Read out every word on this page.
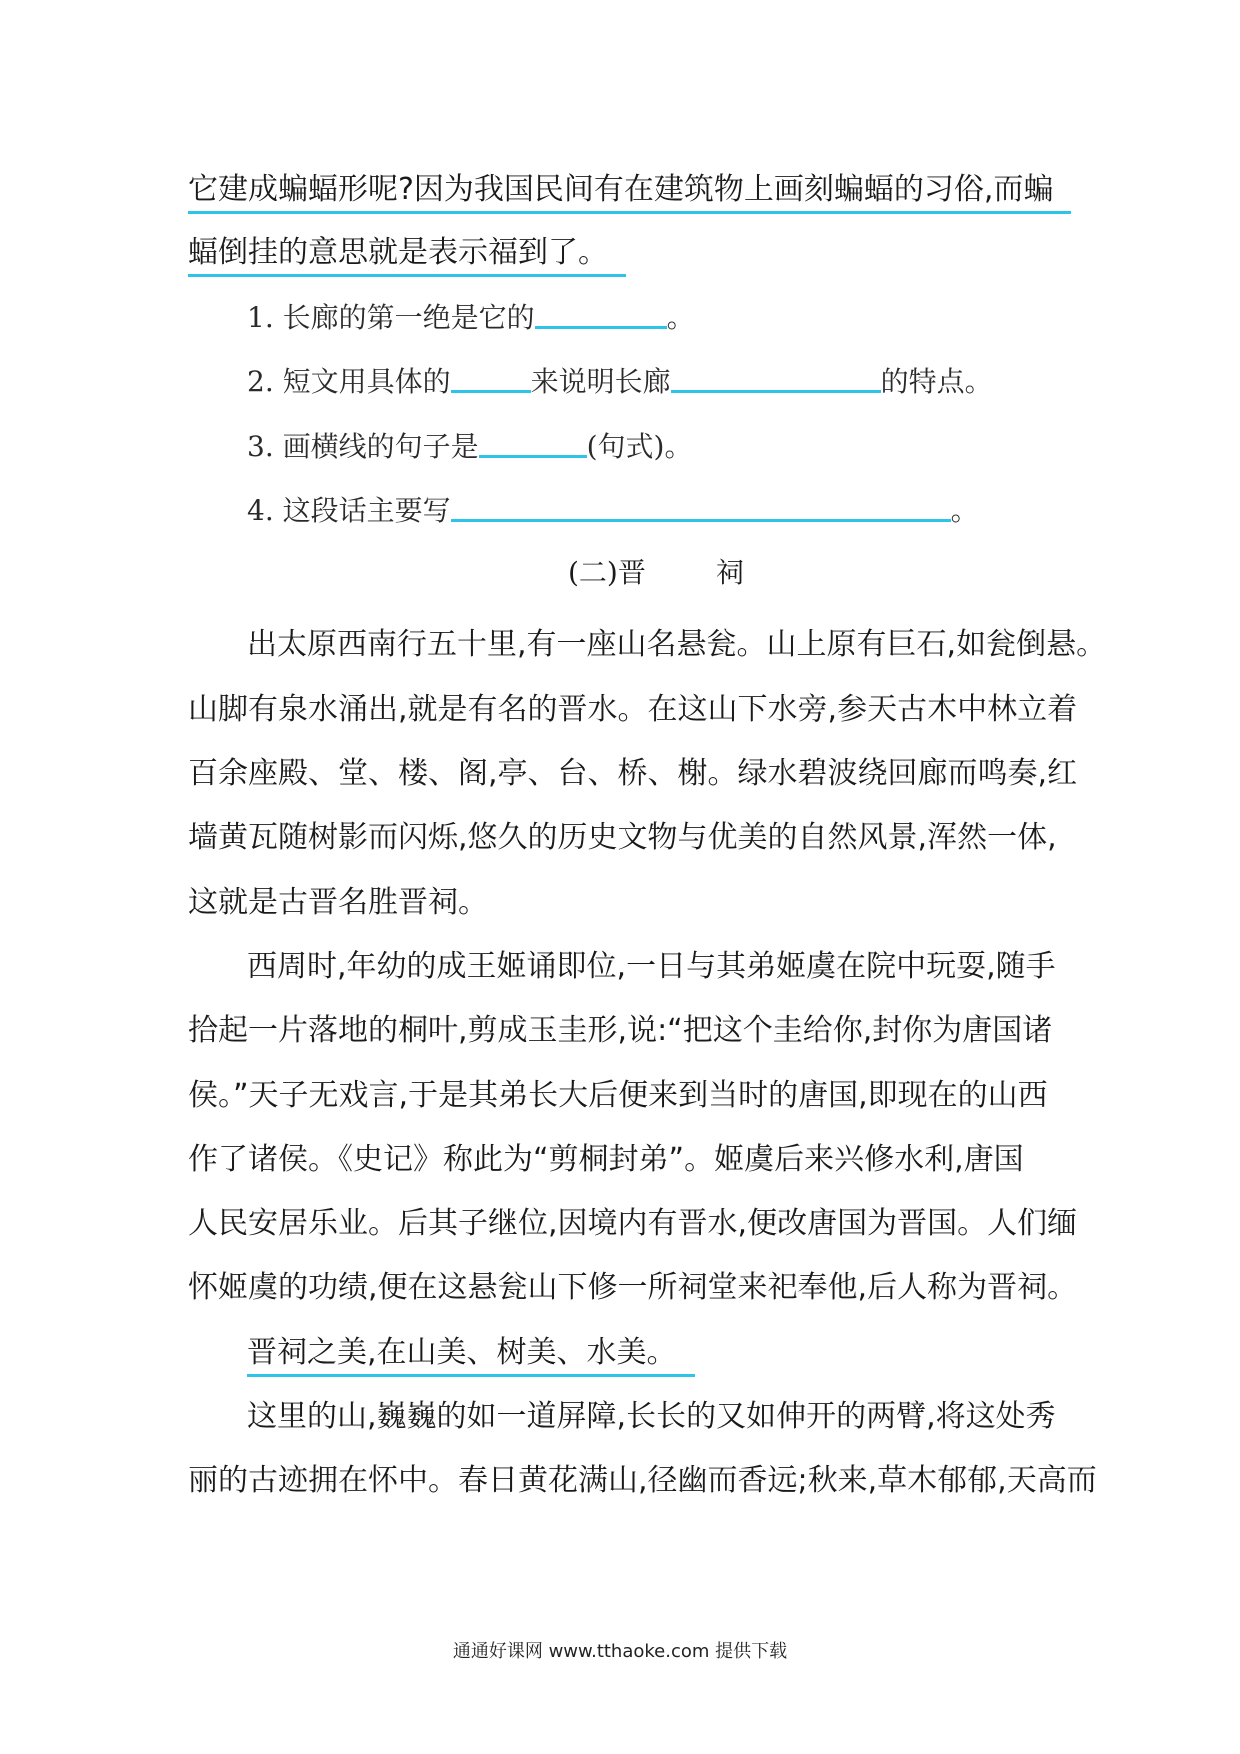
它建成蝙蝠形呢?因为我国民间有在建筑物上画刻蝙蝠的习俗,而蝙
蝠倒挂的意思就是表示福到了。
1. 长廊的第一绝是它的	。
2. 短文用具体的	来说明长廊	的特点。
3. 画横线的句子是	(句式)。
4. 这段话主要写	。
(二)晋	祠
出太原西南行五十里,有一座山名悬瓮。山上原有巨石,如瓮倒悬。
山脚有泉水涌出,就是有名的晋水。在这山下水旁,参天古木中林立着
百余座殿、堂、楼、阁,亭、台、桥、榭。绿水碧波绕回廊而鸣奏,红
墙黄瓦随树影而闪烁,悠久的历史文物与优美的自然风景,浑然一体,
这就是古晋名胜晋祠。
西周时,年幼的成王姬诵即位,一日与其弟姬虞在院中玩耍,随手
拾起一片落地的桐叶,剪成玉圭形,说:“把这个圭给你,封你为唐国诸
侯。”天子无戏言,于是其弟长大后便来到当时的唐国,即现在的山西
作了诸侯。《史记》称此为“剪桐封弟”。姬虞后来兴修水利,唐国
人民安居乐业。后其子继位,因境内有晋水,便改唐国为晋国。人们缅
怀姬虞的功绩,便在这悬瓮山下修一所祠堂来祀奉他,后人称为晋祠。
晋祠之美,在山美、树美、水美。
这里的山,巍巍的如一道屏障,长长的又如伸开的两臂,将这处秀
丽的古迹拥在怀中。春日黄花满山,径幽而香远;秋来,草木郁郁,天高而
通通好课网 www.tthaoke.com 提供下载
